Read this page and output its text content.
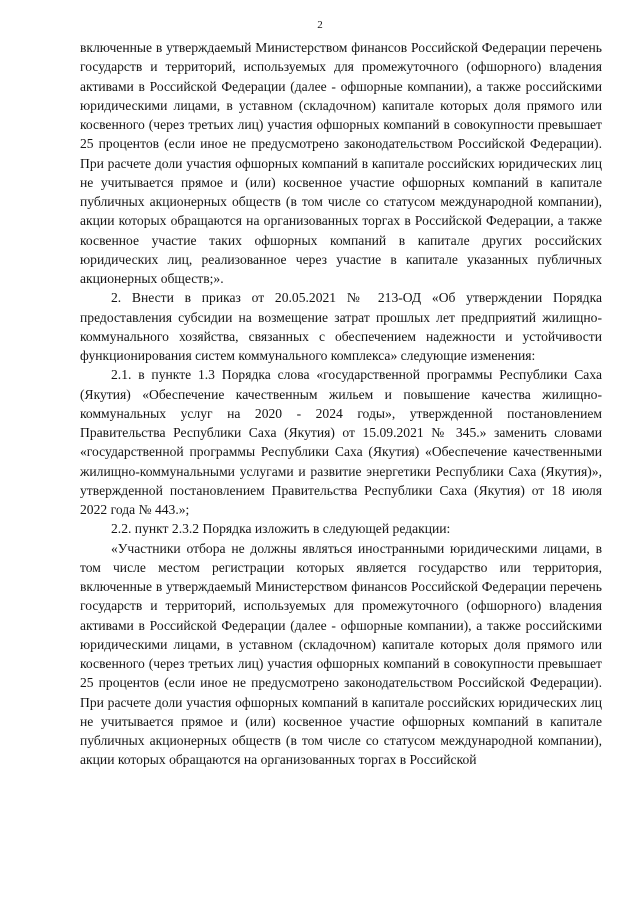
2

включенные в утверждаемый Министерством финансов Российской Федерации перечень государств и территорий, используемых для промежуточного (офшорного) владения активами в Российской Федерации (далее - офшорные компании), а также российскими юридическими лицами, в уставном (складочном) капитале которых доля прямого или косвенного (через третьих лиц) участия офшорных компаний в совокупности превышает 25 процентов (если иное не предусмотрено законодательством Российской Федерации). При расчете доли участия офшорных компаний в капитале российских юридических лиц не учитывается прямое и (или) косвенное участие офшорных компаний в капитале публичных акционерных обществ (в том числе со статусом международной компании), акции которых обращаются на организованных торгах в Российской Федерации, а также косвенное участие таких офшорных компаний в капитале других российских юридических лиц, реализованное через участие в капитале указанных публичных акционерных обществ;».

2. Внести в приказ от 20.05.2021 № 213-ОД «Об утверждении Порядка предоставления субсидии на возмещение затрат прошлых лет предприятий жилищно-коммунального хозяйства, связанных с обеспечением надежности и устойчивости функционирования систем коммунального комплекса» следующие изменения:

2.1. в пункте 1.3 Порядка слова «государственной программы Республики Саха (Якутия) «Обеспечение качественным жильем и повышение качества жилищно-коммунальных услуг на 2020 - 2024 годы», утвержденной постановлением Правительства Республики Саха (Якутия) от 15.09.2021 № 345.» заменить словами «государственной программы Республики Саха (Якутия) «Обеспечение качественными жилищно-коммунальными услугами и развитие энергетики Республики Саха (Якутия)», утвержденной постановлением Правительства Республики Саха (Якутия) от 18 июля 2022 года № 443.»;

2.2. пункт 2.3.2 Порядка изложить в следующей редакции:

«Участники отбора не должны являться иностранными юридическими лицами, в том числе местом регистрации которых является государство или территория, включенные в утверждаемый Министерством финансов Российской Федерации перечень государств и территорий, используемых для промежуточного (офшорного) владения активами в Российской Федерации (далее - офшорные компании), а также российскими юридическими лицами, в уставном (складочном) капитале которых доля прямого или косвенного (через третьих лиц) участия офшорных компаний в совокупности превышает 25 процентов (если иное не предусмотрено законодательством Российской Федерации). При расчете доли участия офшорных компаний в капитале российских юридических лиц не учитывается прямое и (или) косвенное участие офшорных компаний в капитале публичных акционерных обществ (в том числе со статусом международной компании), акции которых обращаются на организованных торгах в Российской
